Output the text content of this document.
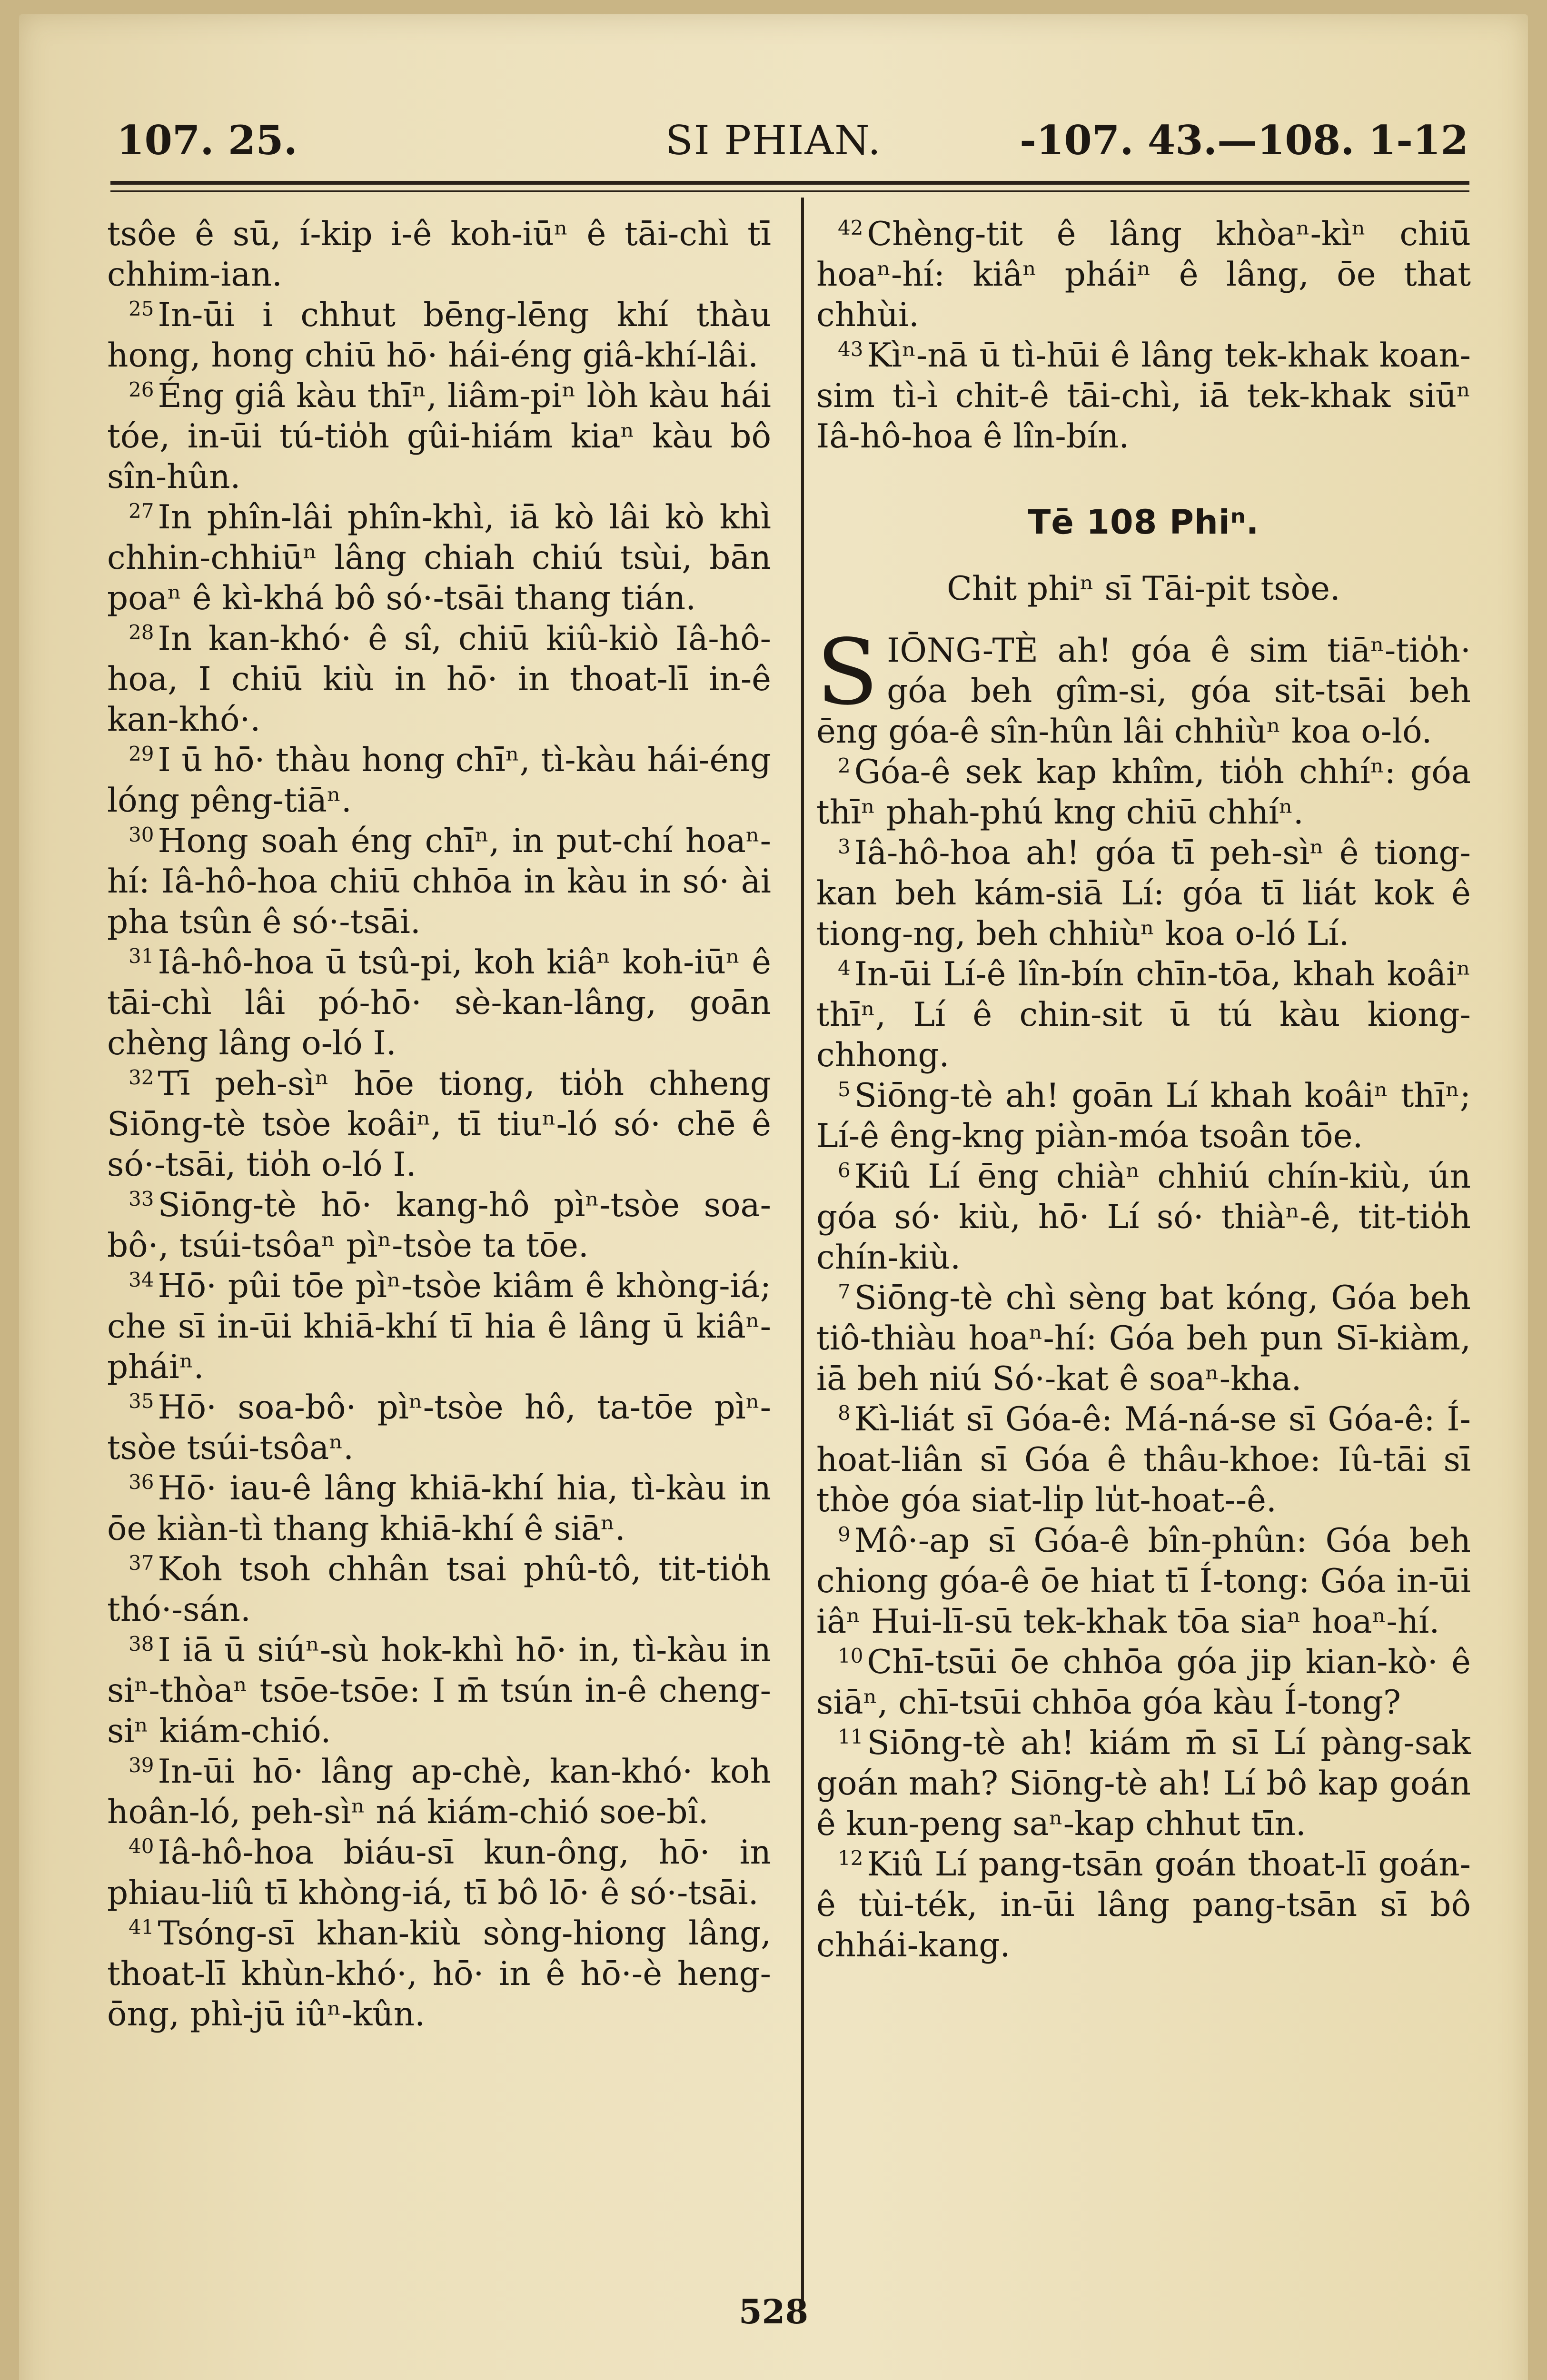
107. 25.	SI PHIAN.	-107. 43.—108. 1-12
tsôe ê sū, í-kip i-ê koh-iūⁿ ê tāi-chì tī chhim-ian.
$^{25}$ In-ūi i chhut bēng-lēng khí thàu hong, hong chiū hō· hái-éng giâ-khí-lâi.
$^{26}$ Éng giâ kàu thīⁿ, liâm-piⁿ lòh kàu hái tóe, in-ūi tú-tio̍h gûi-hiám kiaⁿ kàu bô sîn-hûn.
$^{27}$ In phîn-lâi phîn-khì, iā kò lâi kò khì chhin-chhiūⁿ lâng chiah chiú tsùi, bān poaⁿ ê kì-khá bô só·-tsāi thang tián.
$^{28}$ In kan-khó· ê sî, chiū kiû-kiò Iâ-hô-hoa, I chiū kiù in hō· in thoat-lī in-ê kan-khó·.
$^{29}$ I ū hō· thàu hong chīⁿ, tì-kàu hái-éng lóng pêng-tiāⁿ.
$^{30}$ Hong soah éng chīⁿ, in put-chí hoaⁿ-hí: Iâ-hô-hoa chiū chhōa in kàu in só· ài pha tsûn ê só·-tsāi.
$^{31}$ Iâ-hô-hoa ū tsû-pi, koh kiâⁿ koh-iūⁿ ê tāi-chì lâi pó-hō· sè-kan-lâng, goān chèng lâng o-ló I.
$^{32}$ Tī peh-sìⁿ hōe tiong, tio̍h chheng Siōng-tè tsòe koâiⁿ, tī tiuⁿ-ló só· chē ê só·-tsāi, tio̍h o-ló I.
$^{33}$ Siōng-tè hō· kang-hô pìⁿ-tsòe soa-bô·, tsúi-tsôaⁿ pìⁿ-tsòe ta tōe.
$^{34}$ Hō· pûi tōe pìⁿ-tsòe kiâm ê khòng-iá; che sī in-ūi khiā-khí tī hia ê lâng ū kiâⁿ-pháiⁿ.
$^{35}$ Hō· soa-bô· pìⁿ-tsòe hô, ta-tōe pìⁿ-tsòe tsúi-tsôaⁿ.
$^{36}$ Hō· iau-ê lâng khiā-khí hia, tì-kàu in ōe kiàn-tì thang khiā-khí ê siāⁿ.
$^{37}$ Koh tsoh chhân tsai phû-tô, tit-tio̍h thó·-sán.
$^{38}$ I iā ū siúⁿ-sù hok-khì hō· in, tì-kàu in siⁿ-thòaⁿ tsōe-tsōe: I m̄ tsún in-ê cheng-siⁿ kiám-chió.
$^{39}$ In-ūi hō· lâng ap-chè, kan-khó· koh hoân-ló, peh-sìⁿ ná kiám-chió soe-bî.
$^{40}$ Iâ-hô-hoa biáu-sī kun-ông, hō· in phiau-liû tī khòng-iá, tī bô lō· ê só·-tsāi.
$^{41}$ Tsóng-sī khan-kiù sòng-hiong lâng, thoat-lī khùn-khó·, hō· in ê hō·-è heng-ōng, phì-jū iûⁿ-kûn.
$^{42}$ Chèng-tit ê lâng khòaⁿ-kìⁿ chiū hoaⁿ-hí: kiâⁿ pháiⁿ ê lâng, ōe that chhùi.
$^{43}$ Kìⁿ-nā ū tì-hūi ê lâng tek-khak koan-sim tì-ì chit-ê tāi-chì, iā tek-khak siūⁿ Iâ-hô-hoa ê lîn-bín.
Tē 108 Phiⁿ.
Chit phiⁿ sī Tāi-pit tsòe.
S IŌNG-TÈ ah! góa ê sim tiāⁿ-tio̍h· góa beh gîm-si, góa sit-tsāi beh ēng góa-ê sîn-hûn lâi chhiùⁿ koa o-ló.
$^2$ Góa-ê sek kap khîm, tio̍h chhíⁿ: góa thīⁿ phah-phú kng chiū chhíⁿ.
$^3$ Iâ-hô-hoa ah! góa tī peh-sìⁿ ê tiong-kan beh kám-siā Lí: góa tī liát kok ê tiong-ng, beh chhiùⁿ koa o-ló Lí.
$^4$ In-ūi Lí-ê lîn-bín chīn-tōa, khah koâiⁿ thīⁿ, Lí ê chin-sit ū tú kàu kiong-chhong.
$^5$ Siōng-tè ah! goān Lí khah koâiⁿ thīⁿ; Lí-ê êng-kng piàn-móa tsoân tōe.
$^6$ Kiû Lí ēng chiàⁿ chhiú chín-kiù, ún góa só· kiù, hō· Lí só· thiàⁿ-ê, tit-tio̍h chín-kiù.
$^7$ Siōng-tè chì sèng bat kóng, Góa beh tiô-thiàu hoaⁿ-hí: Góa beh pun Sī-kiàm, iā beh niú Só·-kat ê soaⁿ-kha.
$^8$ Kì-liát sī Góa-ê: Má-ná-se sī Góa-ê: Í-hoat-liân sī Góa ê thâu-khoe: Iû-tāi sī thòe góa siat-li̍p lu̍t-hoat--ê.
$^9$ Mô·-ap sī Góa-ê bîn-phûn: Góa beh chiong góa-ê ōe hiat tī Í-tong: Góa in-ūi iâⁿ Hui-lī-sū tek-khak tōa siaⁿ hoaⁿ-hí.
$^{10}$ Chī-tsūi ōe chhōa góa jip kian-kò· ê siāⁿ, chī-tsūi chhōa góa kàu Í-tong?
$^{11}$ Siōng-tè ah! kiám m̄ sī Lí pàng-sak goán mah? Siōng-tè ah! Lí bô kap goán ê kun-peng saⁿ-kap chhut tīn.
$^{12}$ Kiû Lí pang-tsān goán thoat-lī goán-ê tùi-ték, in-ūi lâng pang-tsān sī bô chhái-kang.
528
